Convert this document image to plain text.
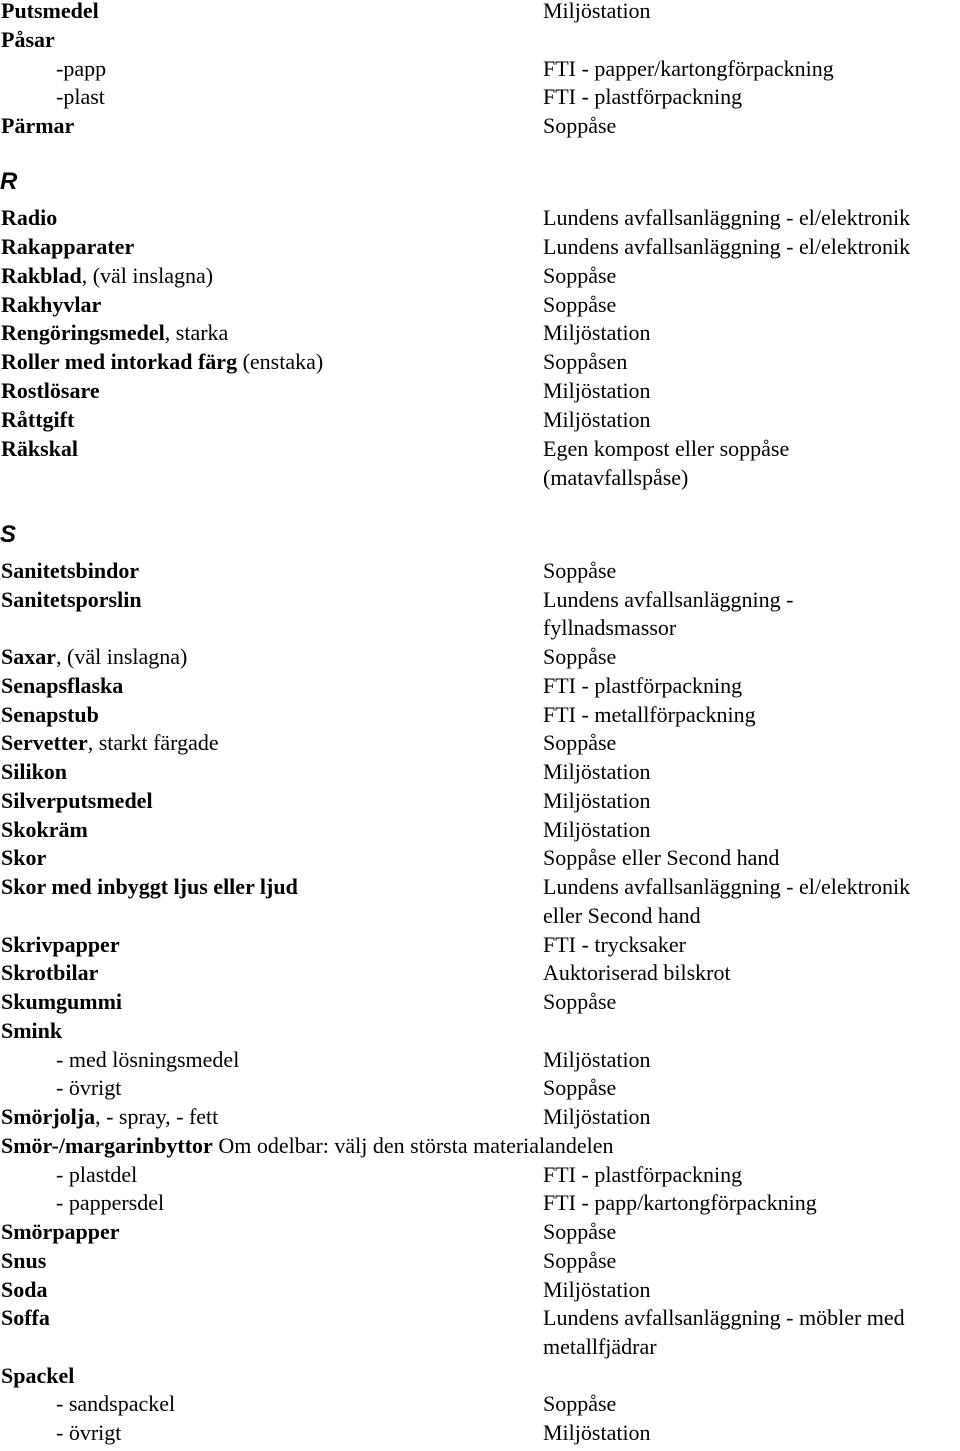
Putsmedel	Miljöstation
Påsar
-papp	FTI - papper/kartongförpackning
-plast	FTI - plastförpackning
Pärmar	Soppåse
R
Radio	Lundens avfallsanläggning - el/elektronik
Rakapparater	Lundens avfallsanläggning - el/elektronik
Rakblad, (väl inslagna)	Soppåse
Rakhyvlar	Soppåse
Rengöringsmedel, starka	Miljöstation
Roller med intorkad färg (enstaka)	Soppåsen
Rostlösare	Miljöstation
Råttgift	Miljöstation
Räkskal	Egen kompost eller soppåse
(matavfallspåse)
S
Sanitetsbindor	Soppåse
Sanitetsporslin	Lundens avfallsanläggning -
fyllnadsmassor
Saxar, (väl inslagna)	Soppåse
Senapsflaska	FTI - plastförpackning
Senapstub	FTI - metallförpackning
Servetter, starkt färgade	Soppåse
Silikon	Miljöstation
Silverputsmedel	Miljöstation
Skokräm	Miljöstation
Skor	Soppåse eller Second hand
Skor med inbyggt ljus eller ljud	Lundens avfallsanläggning - el/elektronik
eller Second hand
Skrivpapper	FTI - trycksaker
Skrotbilar	Auktoriserad bilskrot
Skumgummi	Soppåse
Smink
- med lösningsmedel	Miljöstation
- övrigt	Soppåse
Smörjolja, - spray, - fett	Miljöstation
Smör-/margarinbyttor Om odelbar: välj den största materialandelen
- plastdel	FTI - plastförpackning
- pappersdel	FTI - papp/kartongförpackning
Smörpapper	Soppåse
Snus	Soppåse
Soda	Miljöstation
Soffa	Lundens avfallsanläggning - möbler med
metallfjädrar
Spackel
- sandspackel	Soppåse
- övrigt	Miljöstation
